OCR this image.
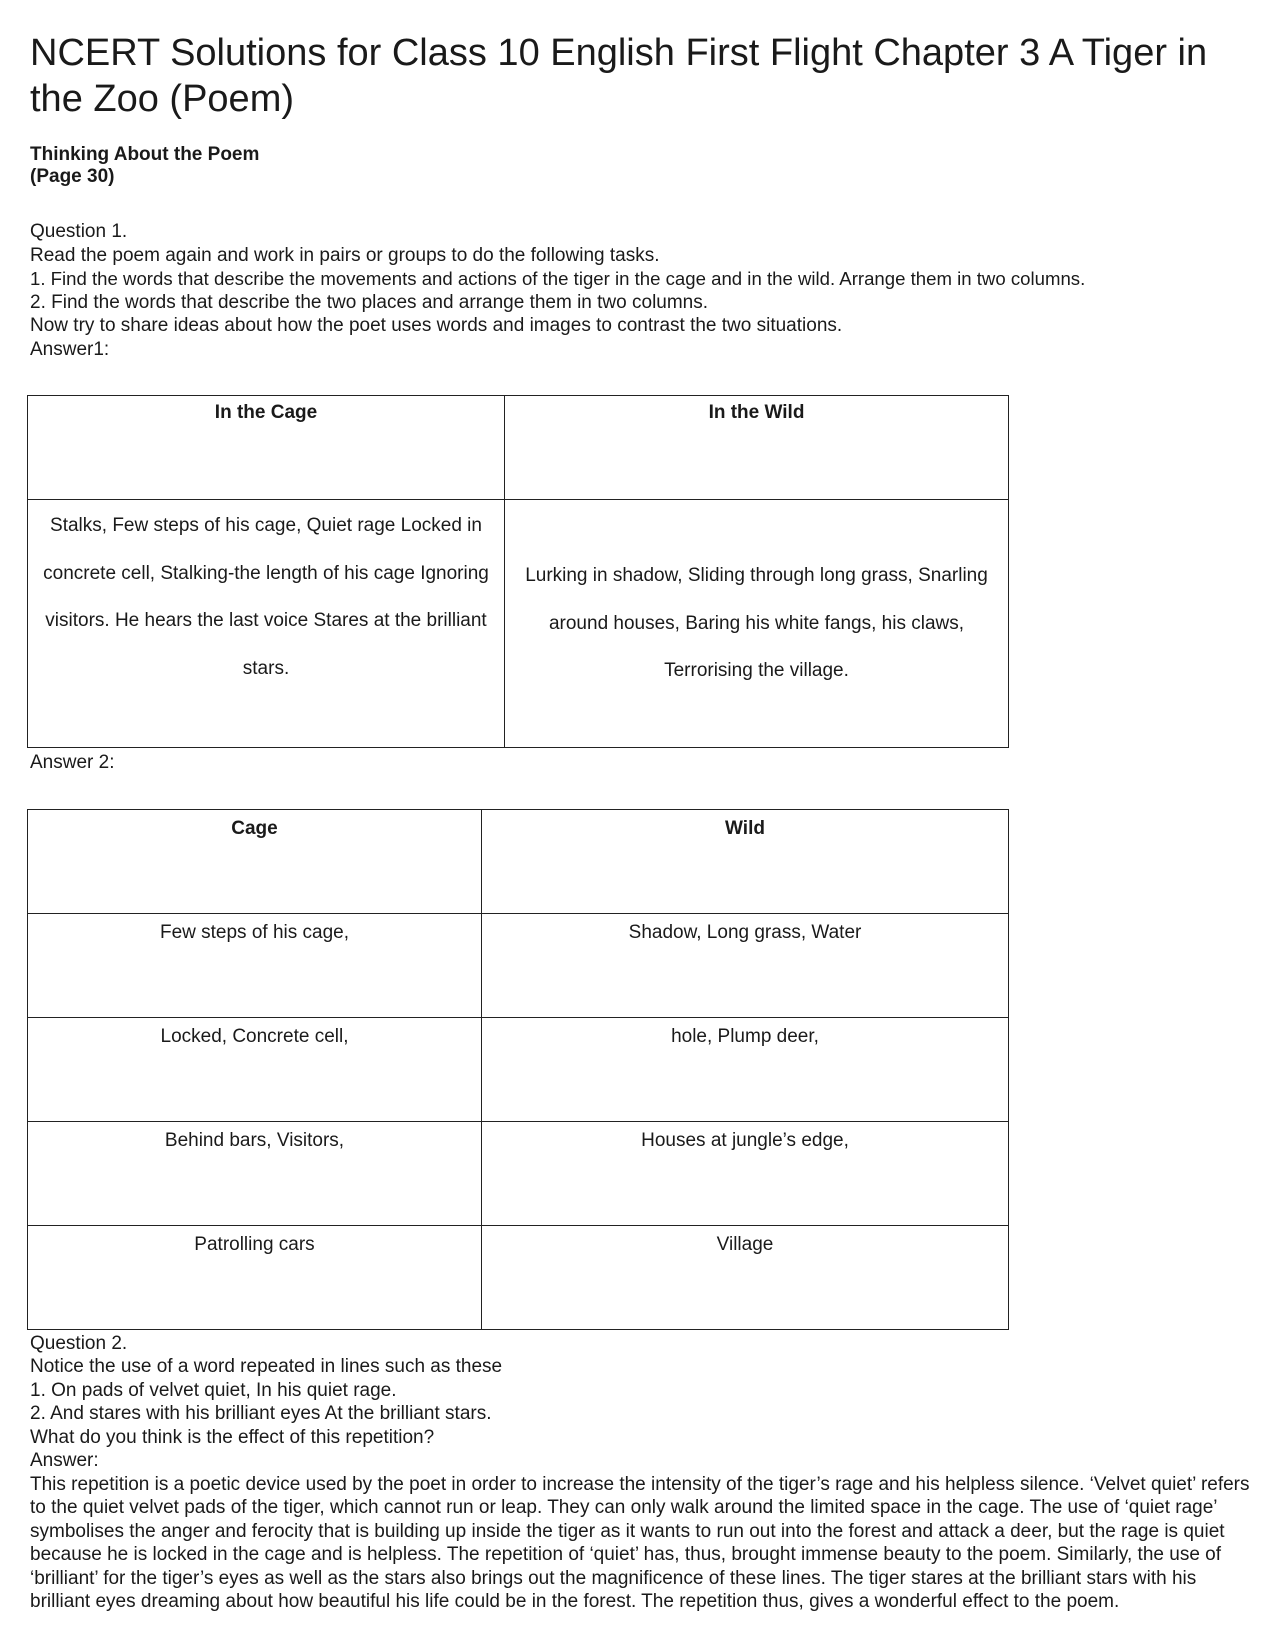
NCERT Solutions for Class 10 English First Flight Chapter 3 A Tiger in the Zoo (Poem)
Thinking About the Poem
(Page 30)
Question 1.
Read the poem again and work in pairs or groups to do the following tasks.
1. Find the words that describe the movements and actions of the tiger in the cage and in the wild. Arrange them in two columns.
2. Find the words that describe the two places and arrange them in two columns.
Now try to share ideas about how the poet uses words and images to contrast the two situations.
Answer1:
In the Cage	In the Wild
Stalks, Few steps of his cage, Quiet rage Locked in concrete cell, Stalking-the length of his cage Ignoring visitors. He hears the last voice Stares at the brilliant stars.	Lurking in shadow, Sliding through long grass, Snarling around houses, Baring his white fangs, his claws, Terrorising the village.
Answer 2:
Cage	Wild
Few steps of his cage,	Shadow, Long grass, Water
Locked, Concrete cell,	hole, Plump deer,
Behind bars, Visitors,	Houses at jungle’s edge,
Patrolling cars	Village
Question 2.
Notice the use of a word repeated in lines such as these
1. On pads of velvet quiet, In his quiet rage.
2. And stares with his brilliant eyes At the brilliant stars.
What do you think is the effect of this repetition?
Answer:
This repetition is a poetic device used by the poet in order to increase the intensity of the tiger’s rage and his helpless silence. ‘Velvet quiet’ refers to the quiet velvet pads of the tiger, which cannot run or leap. They can only walk around the limited space in the cage. The use of ‘quiet rage’ symbolises the anger and ferocity that is building up inside the tiger as it wants to run out into the forest and attack a deer, but the rage is quiet because he is locked in the cage and is helpless. The repetition of ‘quiet’ has, thus, brought immense beauty to the poem. Similarly, the use of ‘brilliant’ for the tiger’s eyes as well as the stars also brings out the magnificence of these lines. The tiger stares at the brilliant stars with his brilliant eyes dreaming about how beautiful his life could be in the forest. The repetition thus, gives a wonderful effect to the poem.
